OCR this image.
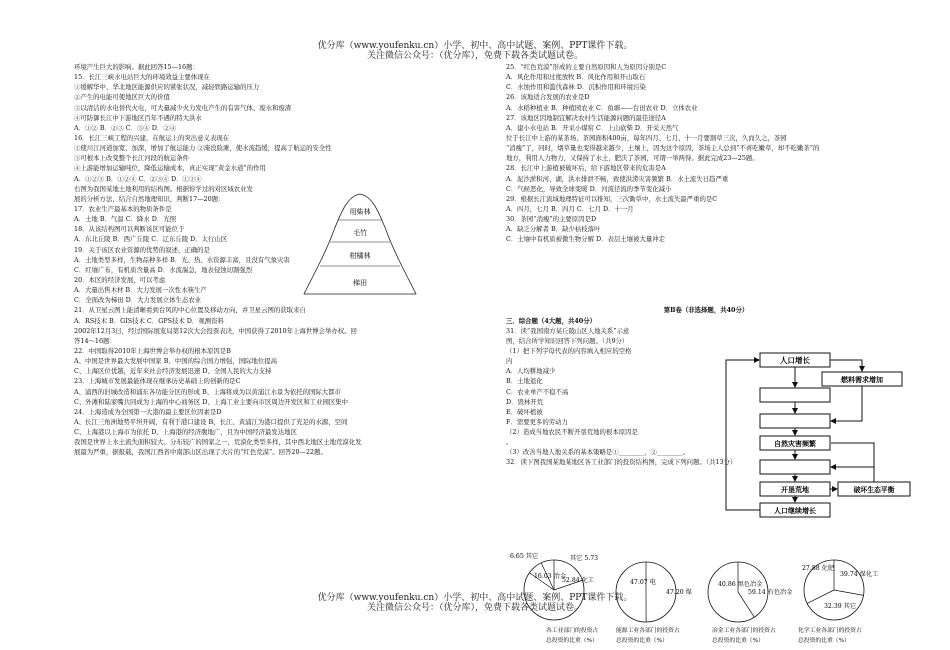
优分库（www.youfenku.cn）小学、初中、高中试题、案例、PPT课件下载。
关注微信公众号：（优分库），免费下载各类试题试卷。
环境产生巨大的影响。据此回答15—16题：
15．长江三峡水电站巨大的环境效益主要体现在
①缓解华中、华北地区能源供应的紧张状况，减轻铁路运输的压力
②产生的电能可使地区巨大的价值
③以清洁的水电替代火电，可大量减少火力发电产生的有害气体、废水和废渣
④可防御长江中下游地区百年不遇的特大洪水
A．①② B．②③ C．③④ D．②④
16．长江三峡工程的兴建，在航运上的突出意义表现在
①使川江河道加宽、加深，增加了航运能力 ②淹没险滩，使水流趋缓，提高了航运的安全性
③可根本上改变整个长江河段的航运条件
④上游能增加运输吨位，降低运输成本，真正实现“黄金水道”的作用
A．①②③ B．①②④ C．②③④ D．①③④
右图为我国某地土地利用的结构图。根据你学过的对区域农业发
展的分析方法，结合自然地理知识，判断17—20题：
17．农业生产最基本的物质条件是
A．土地 B．气温 C．降水 D．光照
18．从该结构图可以判断该区可能位于
A．东北丘陵 B．西广丘陵 C．辽东丘陵 D．太行山区
19．关于该区农业资源的优势的叙述，正确的是
A．土地类型多样，生物品种多样 B．光、热、水资源丰富，且没有气象灾害
C．红壤广布，有机质含量高 D．水流湍急，地表侵蚀切割强烈
20．本区的经济发展，可以考虑
A．大量出售木材 B．大力发展一次性木筷生产
C．全面改为梯田 D．大力发展立体生态农业
21．从卫星云图上能清晰看到台风的中心位置及移动方向，并卫星云图的获取来自
A．RS技术 B．GIS技术 C．GPS技术 D．观测资料
2002年12月3日，经过国际展览局第12次大会投票表决，中国获得了2010年上海世博会举办权。回
答14～16题：
22．中国取得2010年上海世博会举办权的根本原因是B
A、中国是世界最大发展中国家 B、中国的综合国力增强，国际地位提高
C、上海区位优越，近年来社会经济发展迅速 D、全国人民的大力支持
23．上海城市发展最能体现在继承历史基础上的创新的是C
A、浦西的旧城改造和浦东各功能分区的形成 B、上海将成为以黄浦江水景为依托的国际大都市
C、外滩和陆家嘴共同成为上海的中心商务区 D、上海工业主要向市区周边开发区和工业园区集中
24．上海造成为全国第一大港的最主要区位因素是D
A、长江三角洲地势平坦开阔，有利于港口建设 B、长江、黄浦江为港口提供了充足的水源、空间
C、上海港以上海市为依托 D、上海港的经济腹地广，且为中国经济最发达地区
我国是世界上水土流失面积较大、分布较广的国家之一，荒漠化类型多样，其中西北地区土地荒漠化发
展最为严重，据报载，我国江西省中南部山区出现了大片的“红色荒漠”。回答20—22题。
用柴林
毛竹
柑橘林
梯田
25．“红色荒漠”形成的主要自然原因和人为原因分别是C
A．风化作用和过度放牧 B．风化作用和开山取石
C．水蚀作用和滥伐森林 D．沉积作用和环境污染
26．该地适合发展的农业是D
A．水稻种植业 B．种植园农业 C．鱼塘——台田农业 D．立体农业
27．该地区因地制宜解决农村生活能源问题的最佳途径A
A．建小水电站 B．开采小煤窑 C．上山砍柴 D．开采天然气
位于长江中上游的某茶场，茶园面积400亩，每年四月、七月、十一月要割草三次，久而久之，茶园
“消瘦”了，同时，烟草量也变得越来越少，土壤上，因为这个原因，茶场主人总到“不喜吃嫩草，却不吃嫩茶”的
地方，利用人力物力，又保持了水土，肥沃了茶园，可谓一举两得。据此完成23—25题。
28．长江中上游植被破坏后，给下游地区带来的危害是A
A．泥沙淤积河、湖，洪水排泄不畅，致使洪涝灾害频繁 B．水土流失日趋严重
C．气候恶化，导致全球变暖 D．河流径流的季节变化减小
29．根据长江流域地理特征可以推知，三次锄草中，水土流失最严重的是C
A．四月，七月 B．四月 C．七月 D．十一月
30．茶园“消瘦”的主要原因是D
A．缺乏分解者 B．缺少枯枝落叶
C．土壤中有机质被微生物分解 D．表层土壤被大量冲走
第Ⅱ卷（非选择题，共40分）
三．综合题（4大题，共40分）
31．读“我国南方某丘陵山区人地关系”示意
图，结合所学知识回答下列问题。（共9分）
（1）把下列字母代表的内容填入相应的空格
内
A．人均耕地减少
B．土地退化
C．农业单产不稳不高
D．毁林开荒
E．破坏植被
F．需要更多的劳动力
（2）造成当地农民不断开垦荒地的根本原因是
。
（3）改善当地人地关系的基本策略是①________，②________。
32．读下图我国某地某地区各工业部门的投资结构图，完成下列问题。（共13分）
人口增长
燃料需求增加
自然灾害频繁
开垦荒地	破坏生态平衡
人口继续增长
6.65 其它
16.03 冶金
52.84 化工
其它 5.73
各工业部门的投资占
总投资的比重（%）
47.07 电
47.20 煤
能源工业各部门的投资占
总投资的比重（%）
40.86 黑色冶金
59.14 有色冶金
冶金工业各部门的投资占
总投资的比重（%）
27.88 化肥
39.74 煤化工
32.39 其它
化学工业各部门的投资占
总投资的比重（%）
优分库（www.youfenku.cn）小学、初中、高中试题、案例、PPT课件下载。
关注微信公众号：（优分库），免费下载各类试题试卷。
